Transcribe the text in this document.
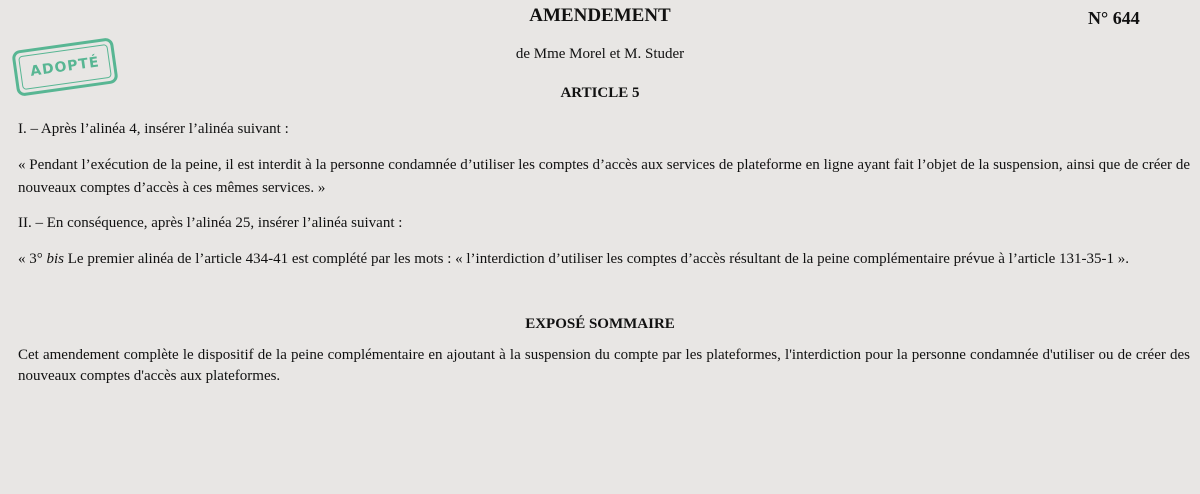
AMENDEMENT	N° 644
ADOPTÉ
de Mme Morel et M. Studer
ARTICLE 5

I. – Après l’alinéa 4, insérer l’alinéa suivant :

« Pendant l’exécution de la peine, il est interdit à la personne condamnée d’utiliser les comptes d’accès aux services de plateforme en ligne ayant fait l’objet de la suspension, ainsi que de créer de nouveaux comptes d’accès à ces mêmes services. »

II. – En conséquence, après l’alinéa 25, insérer l’alinéa suivant :

« 3° bis Le premier alinéa de l’article 434-41 est complété par les mots : « l’interdiction d’utiliser les comptes d’accès résultant de la peine complémentaire prévue à l’article 131-35-1 ».

EXPOSÉ SOMMAIRE

Cet amendement complète le dispositif de la peine complémentaire en ajoutant à la suspension du compte par les plateformes, l'interdiction pour la personne condamnée d'utiliser ou de créer des nouveaux comptes d'accès aux plateformes.
